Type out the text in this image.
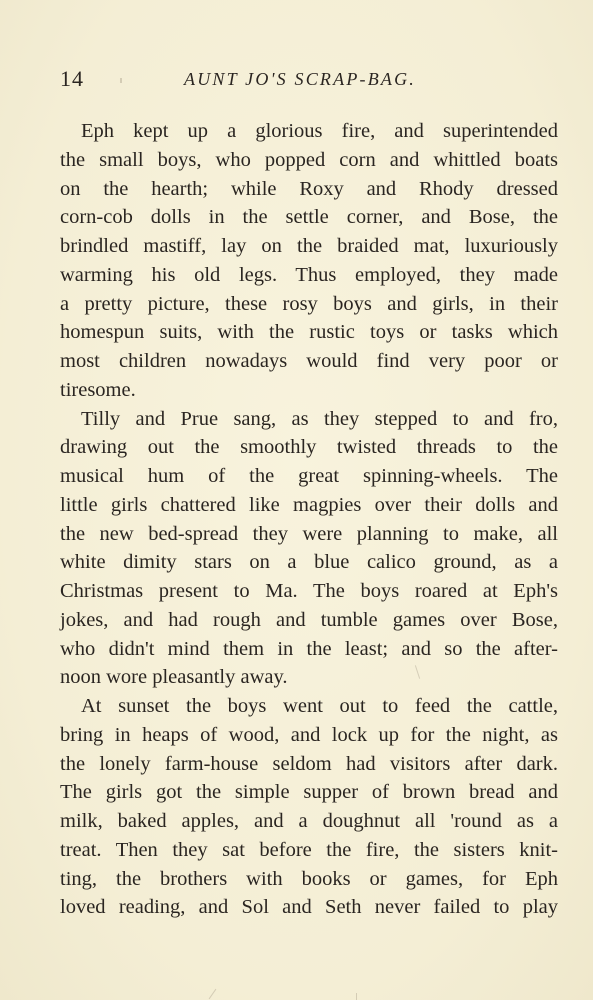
14	AUNT JO'S SCRAP-BAG.
Eph kept up a glorious fire, and superintended
the small boys, who popped corn and whittled boats
on the hearth; while Roxy and Rhody dressed
corn-cob dolls in the settle corner, and Bose, the
brindled mastiff, lay on the braided mat, luxuriously
warming his old legs. Thus employed, they made
a pretty picture, these rosy boys and girls, in their
homespun suits, with the rustic toys or tasks which
most children nowadays would find very poor or
tiresome.
Tilly and Prue sang, as they stepped to and fro,
drawing out the smoothly twisted threads to the
musical hum of the great spinning-wheels. The
little girls chattered like magpies over their dolls and
the new bed-spread they were planning to make, all
white dimity stars on a blue calico ground, as a
Christmas present to Ma. The boys roared at Eph's
jokes, and had rough and tumble games over Bose,
who didn't mind them in the least; and so the after-
noon wore pleasantly away.
At sunset the boys went out to feed the cattle,
bring in heaps of wood, and lock up for the night, as
the lonely farm-house seldom had visitors after dark.
The girls got the simple supper of brown bread and
milk, baked apples, and a doughnut all 'round as a
treat. Then they sat before the fire, the sisters knit-
ting, the brothers with books or games, for Eph
loved reading, and Sol and Seth never failed to play
